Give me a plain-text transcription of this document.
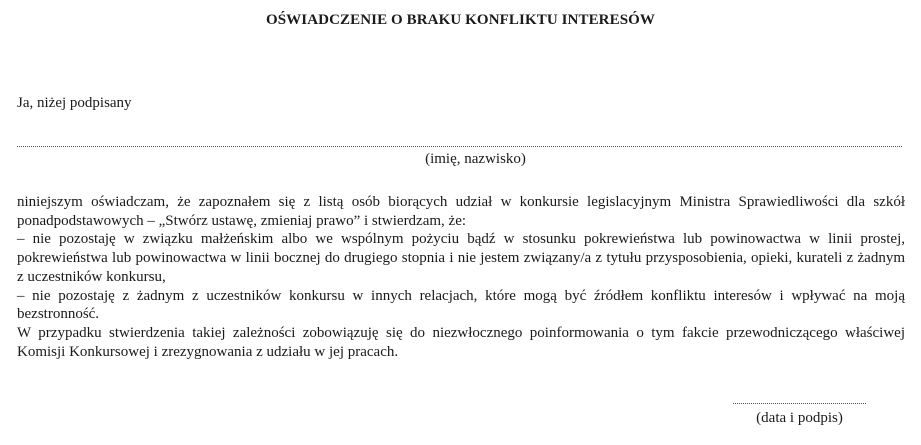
OŚWIADCZENIE O BRAKU KONFLIKTU INTERESÓW
Ja, niżej podpisany
(imię, nazwisko)

niniejszym oświadczam, że zapoznałem się z listą osób biorących udział w konkursie legislacyjnym Ministra Sprawiedliwości dla szkół ponadpodstawowych – „Stwórz ustawę, zmieniaj prawo” i stwierdzam, że:

– nie pozostaję w związku małżeńskim albo we wspólnym pożyciu bądź w stosunku pokrewieństwa lub powinowactwa w linii prostej, pokrewieństwa lub powinowactwa w linii bocznej do drugiego stopnia i nie jestem związany/a z tytułu przysposobienia, opieki, kurateli z żadnym z uczestników konkursu,

– nie pozostaję z żadnym z uczestników konkursu w innych relacjach, które mogą być źródłem konfliktu interesów i wpływać na moją bezstronność.

W przypadku stwierdzenia takiej zależności zobowiązuję się do niezwłocznego poinformowania o tym fakcie przewodniczącego właściwej Komisji Konkursowej i zrezygnowania z udziału w jej pracach.

(data i podpis)
